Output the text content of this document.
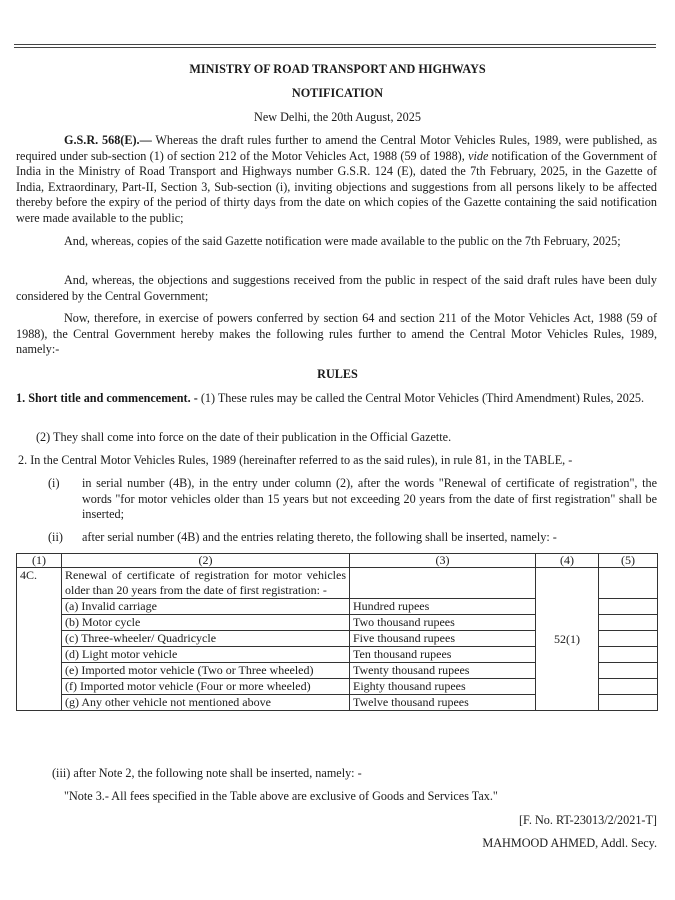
MINISTRY OF ROAD TRANSPORT AND HIGHWAYS
NOTIFICATION
New Delhi, the 20th August, 2025
G.S.R. 568(E).— Whereas the draft rules further to amend the Central Motor Vehicles Rules, 1989, were published, as required under sub-section (1) of section 212 of the Motor Vehicles Act, 1988 (59 of 1988), vide notification of the Government of India in the Ministry of Road Transport and Highways number G.S.R. 124 (E), dated the 7th February, 2025, in the Gazette of India, Extraordinary, Part-II, Section 3, Sub-section (i), inviting objections and suggestions from all persons likely to be affected thereby before the expiry of the period of thirty days from the date on which copies of the Gazette containing the said notification were made available to the public;
And, whereas, copies of the said Gazette notification were made available to the public on the 7th February, 2025;
And, whereas, the objections and suggestions received from the public in respect of the said draft rules have been duly considered by the Central Government;
Now, therefore, in exercise of powers conferred by section 64 and section 211 of the Motor Vehicles Act, 1988 (59 of 1988), the Central Government hereby makes the following rules further to amend the Central Motor Vehicles Rules, 1989, namely:-
RULES
1. Short title and commencement. - (1) These rules may be called the Central Motor Vehicles (Third Amendment) Rules, 2025.
(2) They shall come into force on the date of their publication in the Official Gazette.
2. In the Central Motor Vehicles Rules, 1989 (hereinafter referred to as the said rules), in rule 81, in the TABLE, -
(i) in serial number (4B), in the entry under column (2), after the words "Renewal of certificate of registration", the words "for motor vehicles older than 15 years but not exceeding 20 years from the date of first registration" shall be inserted;
(ii) after serial number (4B) and the entries relating thereto, the following shall be inserted, namely: -
(1)	(2)	(3)	(4)	(5)
4C.	Renewal of certificate of registration for motor vehicles older than 20 years from the date of first registration: -		52(1)	
	(a) Invalid carriage	Hundred rupees		
	(b) Motor cycle	Two thousand rupees		
	(c) Three-wheeler/ Quadricycle	Five thousand rupees		
	(d) Light motor vehicle	Ten thousand rupees		
	(e) Imported motor vehicle (Two or Three wheeled)	Twenty thousand rupees		
	(f) Imported motor vehicle (Four or more wheeled)	Eighty thousand rupees		
	(g) Any other vehicle not mentioned above	Twelve thousand rupees		
(iii) after Note 2, the following note shall be inserted, namely: -
"Note 3.- All fees specified in the Table above are exclusive of Goods and Services Tax."
[F. No. RT-23013/2/2021-T]
MAHMOOD AHMED, Addl. Secy.
